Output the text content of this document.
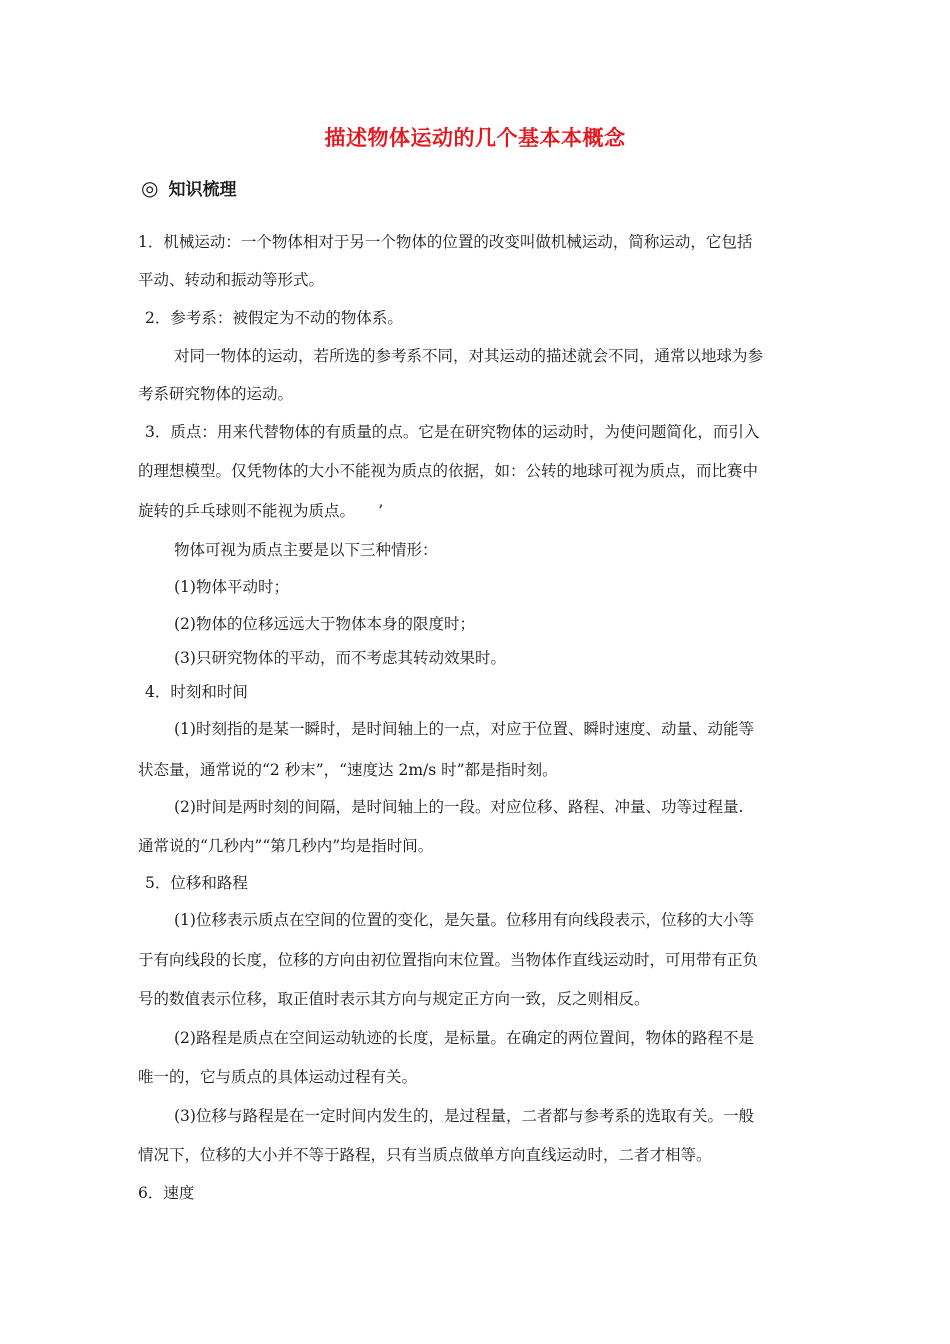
描述物体运动的几个基本本概念
◎ 知识梳理
1．机械运动：一个物体相对于另一个物体的位置的改变叫做机械运动，简称运动，它包括
平动、转动和振动等形式。
2．参考系：被假定为不动的物体系。
对同一物体的运动，若所选的参考系不同，对其运动的描述就会不同，通常以地球为参
考系研究物体的运动。
3．质点：用来代替物体的有质量的点。它是在研究物体的运动时，为使问题简化，而引入
的理想模型。仅凭物体的大小不能视为质点的依据，如：公转的地球可视为质点，而比赛中
旋转的乒乓球则不能视为质点。　　’
物体可视为质点主要是以下三种情形：
(1)物体平动时；
(2)物体的位移远远大于物体本身的限度时；
(3)只研究物体的平动，而不考虑其转动效果时。
4．时刻和时间
(1)时刻指的是某一瞬时，是时间轴上的一点，对应于位置、瞬时速度、动量、动能等
状态量，通常说的“2 秒末”，“速度达 2m/s 时”都是指时刻。
(2)时间是两时刻的间隔，是时间轴上的一段。对应位移、路程、冲量、功等过程量.
通常说的“几秒内”“第几秒内”均是指时间。
5．位移和路程
(1)位移表示质点在空间的位置的变化，是矢量。位移用有向线段表示，位移的大小等
于有向线段的长度，位移的方向由初位置指向末位置。当物体作直线运动时，可用带有正负
号的数值表示位移，取正值时表示其方向与规定正方向一致，反之则相反。
(2)路程是质点在空间运动轨迹的长度，是标量。在确定的两位置间，物体的路程不是
唯一的，它与质点的具体运动过程有关。
(3)位移与路程是在一定时间内发生的，是过程量，二者都与参考系的选取有关。一般
情况下，位移的大小并不等于路程，只有当质点做单方向直线运动时，二者才相等。
6．速度
